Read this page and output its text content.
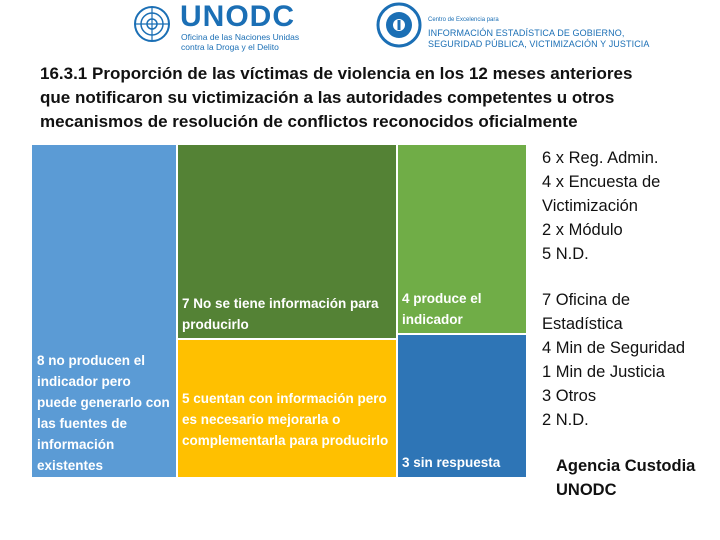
UNODC
Oficina de las Naciones Unidas
contra la Droga y el Delito
Centro de Excelencia para
INFORMACIÓN ESTADÍSTICA DE GOBIERNO,
SEGURIDAD PÚBLICA, VICTIMIZACIÓN Y JUSTICIA
16.3.1 Proporción de las víctimas de violencia en los 12 meses anteriores que notificaron su victimización a las autoridades competentes u otros mecanismos de resolución de conflictos reconocidos oficialmente
8 no producen el indicador pero puede generarlo con las fuentes de información existentes
7 No se tiene información para producirlo
5 cuentan con información pero es necesario mejorarla o complementarla para producirlo
4 produce el indicador
3 sin respuesta
6 x Reg. Admin.
4 x Encuesta de
Victimización
2 x Módulo
5 N.D.
7 Oficina de
Estadística
4 Min de Seguridad
1 Min de Justicia
3 Otros
2 N.D.
Agencia Custodia
UNODC
